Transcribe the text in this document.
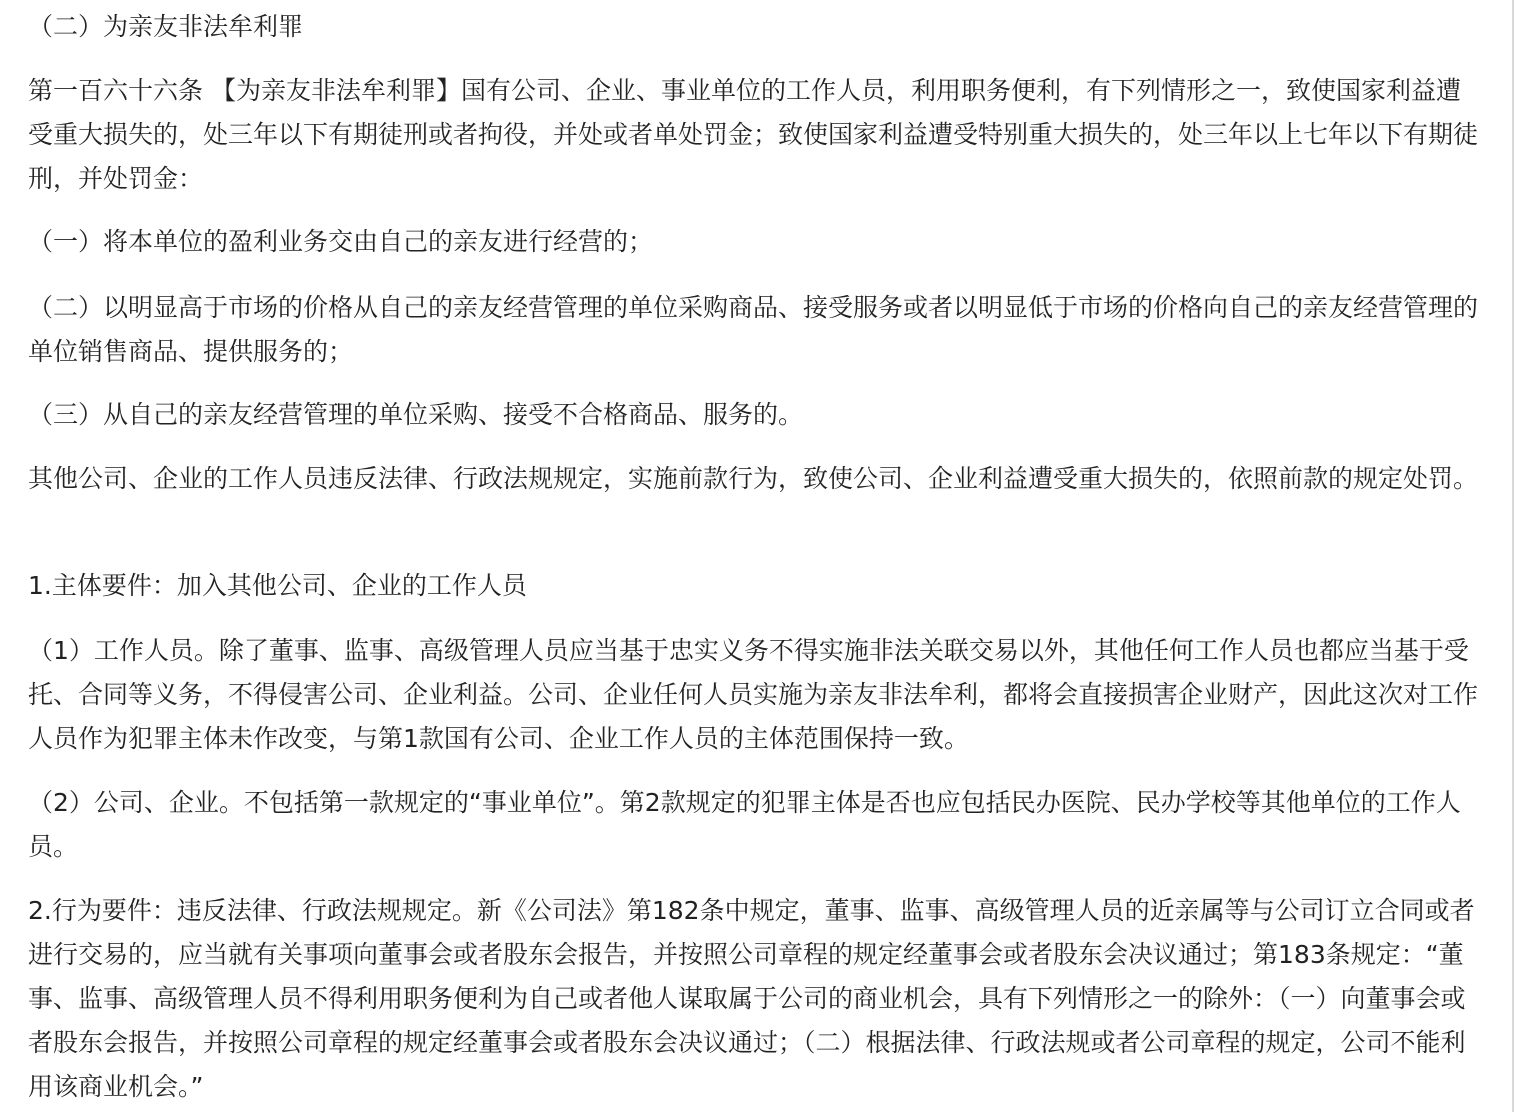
（二）为亲友非法牟利罪

第一百六十六条 【为亲友非法牟利罪】国有公司、企业、事业单位的工作人员，利用职务便利，有下列情形之一，致使国家利益遭受重大损失的，处三年以下有期徒刑或者拘役，并处或者单处罚金；致使国家利益遭受特别重大损失的，处三年以上七年以下有期徒刑，并处罚金：

（一）将本单位的盈利业务交由自己的亲友进行经营的；

（二）以明显高于市场的价格从自己的亲友经营管理的单位采购商品、接受服务或者以明显低于市场的价格向自己的亲友经营管理的单位销售商品、提供服务的；

（三）从自己的亲友经营管理的单位采购、接受不合格商品、服务的。

其他公司、企业的工作人员违反法律、行政法规规定，实施前款行为，致使公司、企业利益遭受重大损失的，依照前款的规定处罚。

1.主体要件：加入其他公司、企业的工作人员

（1）工作人员。除了董事、监事、高级管理人员应当基于忠实义务不得实施非法关联交易以外，其他任何工作人员也都应当基于受托、合同等义务，不得侵害公司、企业利益。公司、企业任何人员实施为亲友非法牟利，都将会直接损害企业财产，因此这次对工作人员作为犯罪主体未作改变，与第1款国有公司、企业工作人员的主体范围保持一致。

（2）公司、企业。不包括第一款规定的“事业单位”。第2款规定的犯罪主体是否也应包括民办医院、民办学校等其他单位的工作人员。

2.行为要件：违反法律、行政法规规定。新《公司法》第182条中规定，董事、监事、高级管理人员的近亲属等与公司订立合同或者进行交易的，应当就有关事项向董事会或者股东会报告，并按照公司章程的规定经董事会或者股东会决议通过；第183条规定：“董事、监事、高级管理人员不得利用职务便利为自己或者他人谋取属于公司的商业机会，具有下列情形之一的除外：（一）向董事会或者股东会报告，并按照公司章程的规定经董事会或者股东会决议通过；（二）根据法律、行政法规或者公司章程的规定，公司不能利用该商业机会。”
